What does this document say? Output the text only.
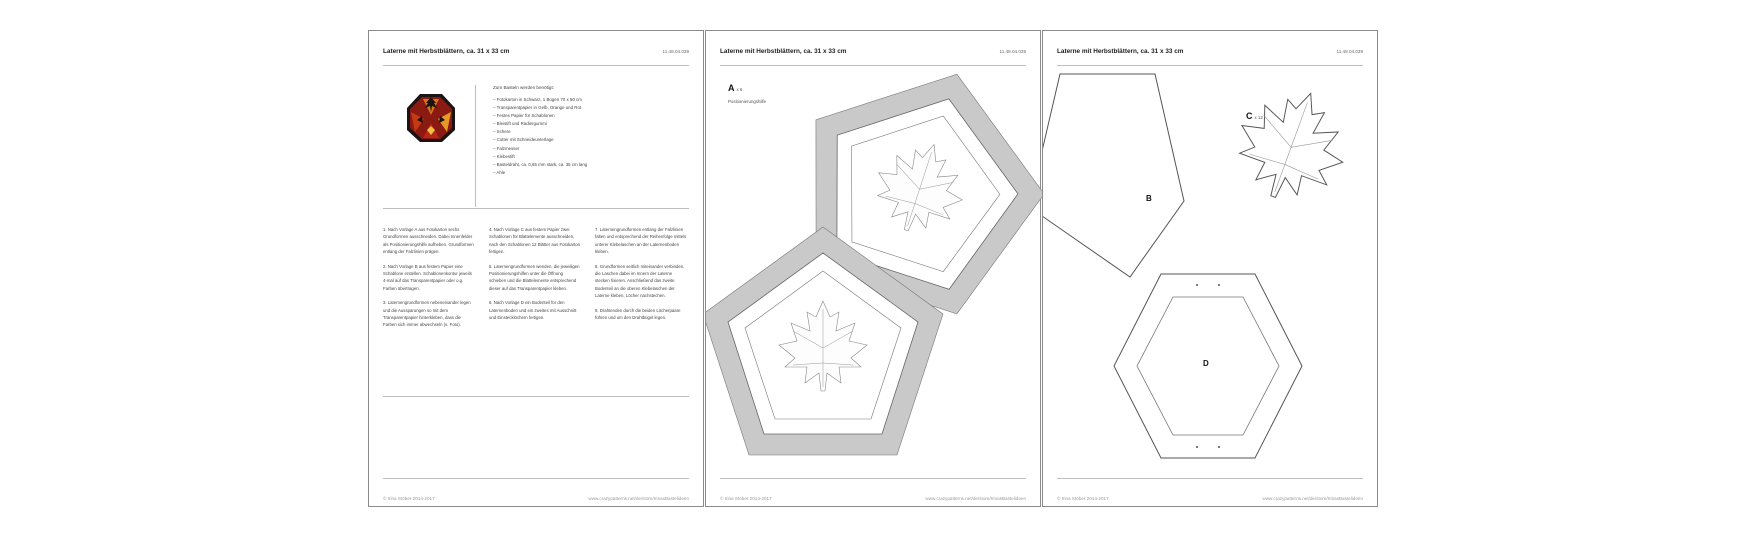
Laterne mit Herbstblättern, ca. 31 x 33 cm	11.48.04.039
Zum Basteln werden benötigt:
– Fotokarton in Schwarz, 1 Bogen 70 x 50 cm
– Transparentpapier in Gelb, Orange und Rot
– Festes Papier für Schablonen
– Bleistift und Radiergummi
– Schere
– Cutter mit Schneideunterlage
– Falzmesser
– Klebestift
– Basteldraht, ca. 0,65 mm stark, ca. 35 cm lang
– Ahle

1. Nach Vorlage A aus Fotokarton sechs Grundformen ausschneiden. Dabei Innenfelder als Positionierungshilfe aufheben. Grundformen entlang der Falzlinien prägen.

2. Nach Vorlage B aus festem Papier eine Schablone erstellen. Schablonenkontur jeweils 4-mal auf das Transparentpapier oder o.g. Farben übertragen.

3. Laternengrundformen nebeneinander legen und die Aussparungen so mit dem Transparentpapier hinterkleben, dass die Farben sich immer abwechseln (s. Foto).

4. Nach Vorlage C aus festem Papier zwei Schablonen für Blattelemente ausschneiden, nach den Schablonen 12 Blätter aus Fotokarton fertigen.

5. Laternengrundformen wenden, die jeweiligen Positionierungshilfen unter die Öffnung schieben und die Blattelemente entsprechend dieser auf das Transparentpapier kleben.

6. Nach Vorlage D ein Bodenteil für den Laternenboden und ein zweites mit Ausschnitt und Einstecklöchern fertigen.

7. Laternengrundformen entlang der Falzlinien falten und entsprechend der Reihenfolge mittels unterer Klebelaschen an der Laternenboden kleben.

8. Grundformen seitlich miteinander verbinden, die Laschen dabei im Innern der Laterne stecken fixieren. Anschließend das zweite Bodenteil an die oberen Klebelaschen der Laterne kleben, Löcher nachstechen.

9. Drahtenden durch die beiden Löcherpaare führen und um den Drahtbügel legen.

© Irina Stöber 2014-2017	www.crazypatterns.net/de/store/IrinasBastelideen
Laterne mit Herbstblättern, ca. 31 x 33 cm	11.48.04.039
Ax 6
Positionierungshilfe
© Irina Stöber 2014-2017	www.crazypatterns.net/de/store/IrinasBastelideen
Laterne mit Herbstblättern, ca. 31 x 33 cm	11.48.04.039
B
Cx 12
D
© Irina Stöber 2014-2017	www.crazypatterns.net/de/store/IrinasBastelideen
